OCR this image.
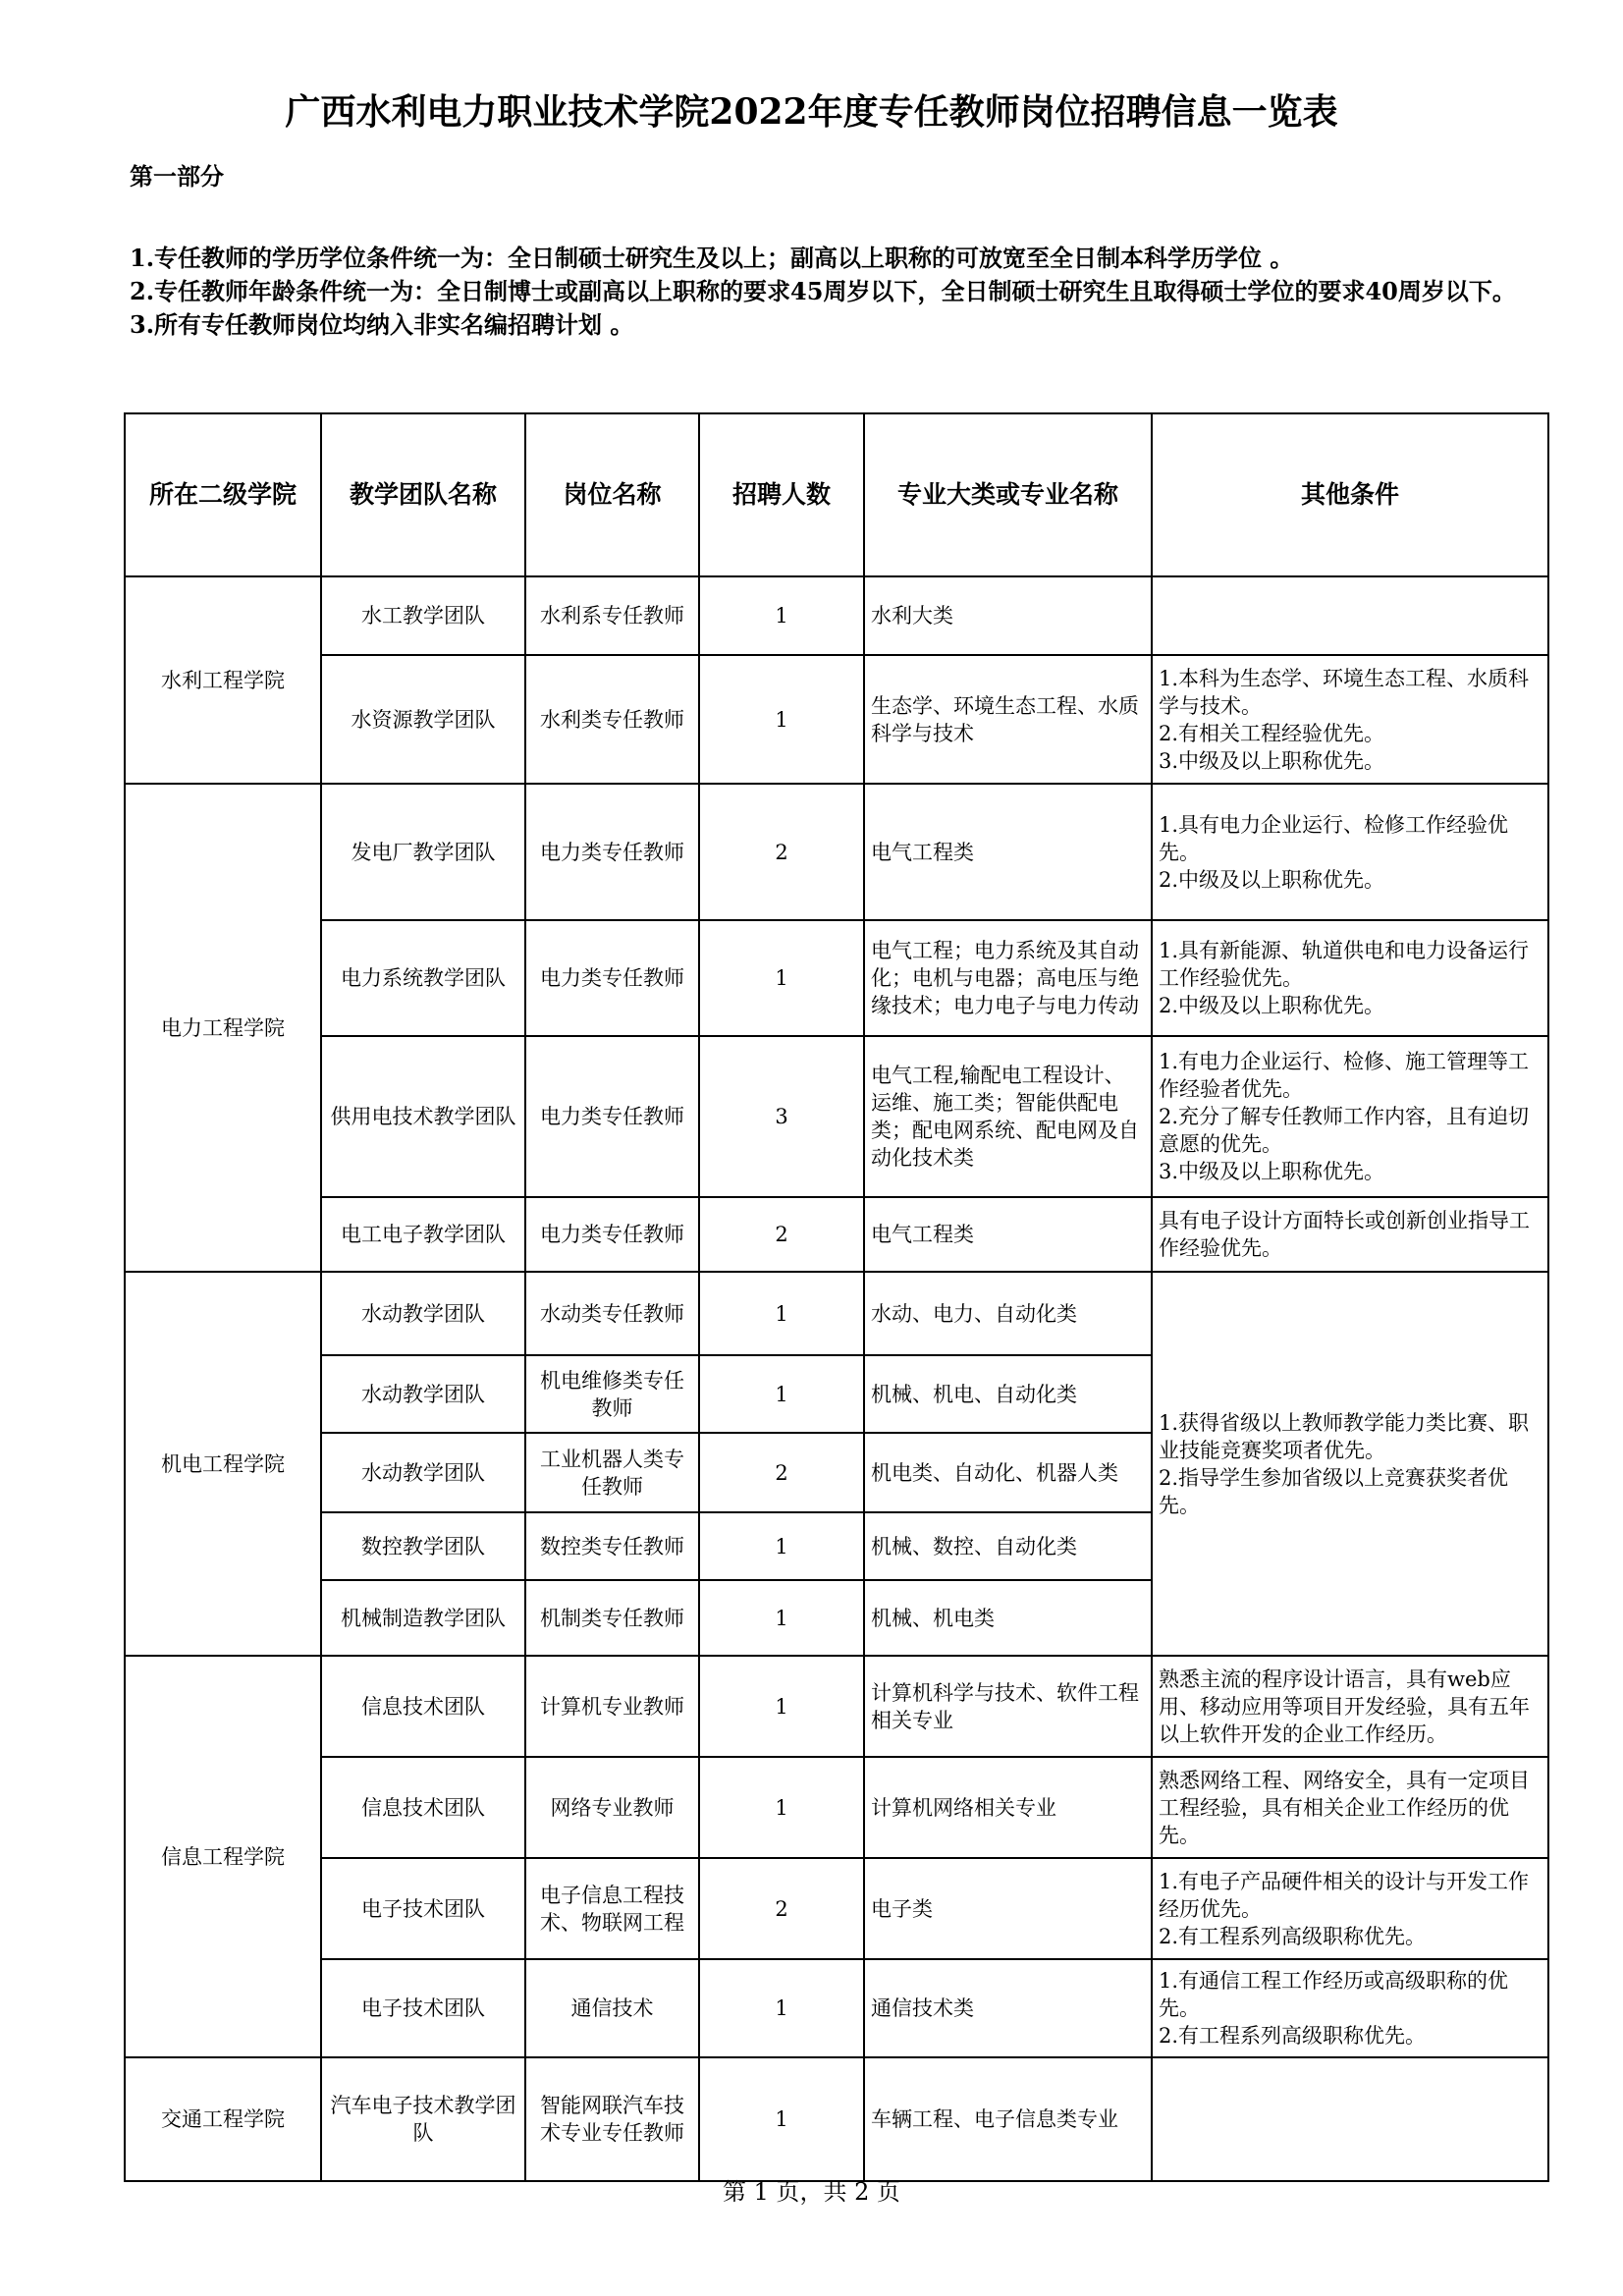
广西水利电力职业技术学院2022年度专任教师岗位招聘信息一览表
第一部分
1.专任教师的学历学位条件统一为：全日制硕士研究生及以上；副高以上职称的可放宽至全日制本科学历学位 。
2.专任教师年龄条件统一为：全日制博士或副高以上职称的要求45周岁以下，全日制硕士研究生且取得硕士学位的要求40周岁以下。
3.所有专任教师岗位均纳入非实名编招聘计划 。
所在二级学院	教学团队名称	岗位名称	招聘人数	专业大类或专业名称	其他条件
水利工程学院	水工教学团队	水利系专任教师	1	水利大类	
	水资源教学团队	水利类专任教师	1	生态学、环境生态工程、水质科学与技术	1.本科为生态学、环境生态工程、水质科学与技术。
2.有相关工程经验优先。
3.中级及以上职称优先。
电力工程学院	发电厂教学团队	电力类专任教师	2	电气工程类	1.具有电力企业运行、检修工作经验优先。
2.中级及以上职称优先。
	电力系统教学团队	电力类专任教师	1	电气工程；电力系统及其自动化；电机与电器；高电压与绝缘技术；电力电子与电力传动	1.具有新能源、轨道供电和电力设备运行工作经验优先。
2.中级及以上职称优先。
	供用电技术教学团队	电力类专任教师	3	电气工程,输配电工程设计、运维、施工类；智能供配电类；配电网系统、配电网及自动化技术类	1.有电力企业运行、检修、施工管理等工作经验者优先。
2.充分了解专任教师工作内容，且有迫切意愿的优先。
3.中级及以上职称优先。
	电工电子教学团队	电力类专任教师	2	电气工程类	具有电子设计方面特长或创新创业指导工作经验优先。
机电工程学院	水动教学团队	水动类专任教师	1	水动、电力、自动化类	1.获得省级以上教师教学能力类比赛、职业技能竞赛奖项者优先。
2.指导学生参加省级以上竞赛获奖者优先。
	水动教学团队	机电维修类专任教师	1	机械、机电、自动化类	
	水动教学团队	工业机器人类专任教师	2	机电类、自动化、机器人类	
	数控教学团队	数控类专任教师	1	机械、数控、自动化类	
	机械制造教学团队	机制类专任教师	1	机械、机电类	
信息工程学院	信息技术团队	计算机专业教师	1	计算机科学与技术、软件工程相关专业	熟悉主流的程序设计语言，具有web应用、移动应用等项目开发经验，具有五年以上软件开发的企业工作经历。
	信息技术团队	网络专业教师	1	计算机网络相关专业	熟悉网络工程、网络安全，具有一定项目工程经验，具有相关企业工作经历的优先。
	电子技术团队	电子信息工程技术、物联网工程	2	电子类	1.有电子产品硬件相关的设计与开发工作经历优先。
2.有工程系列高级职称优先。
	电子技术团队	通信技术	1	通信技术类	1.有通信工程工作经历或高级职称的优先。
2.有工程系列高级职称优先。
交通工程学院	汽车电子技术教学团队	智能网联汽车技术专业专任教师	1	车辆工程、电子信息类专业	
第 1 页，共 2 页
